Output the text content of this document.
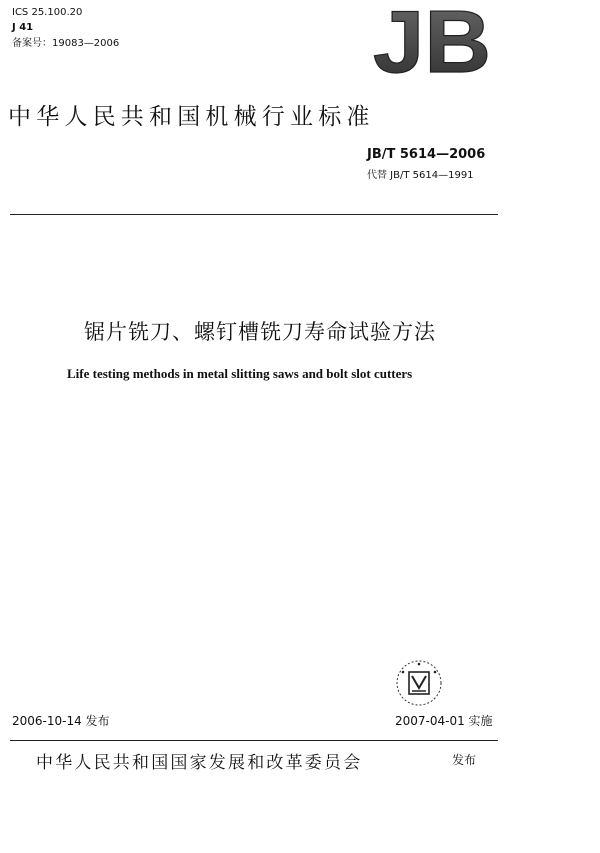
ICS 25.100.20
J 41
备案号：19083—2006	JB
中华人民共和国机械行业标准
JB/T 5614—2006
代替 JB/T 5614—1991
锯片铣刀、螺钉槽铣刀寿命试验方法
Life testing methods in metal slitting saws and bolt slot cutters
2006-10-14 发布	2007-04-01 实施
中华人民共和国国家发展和改革委员会	发布
